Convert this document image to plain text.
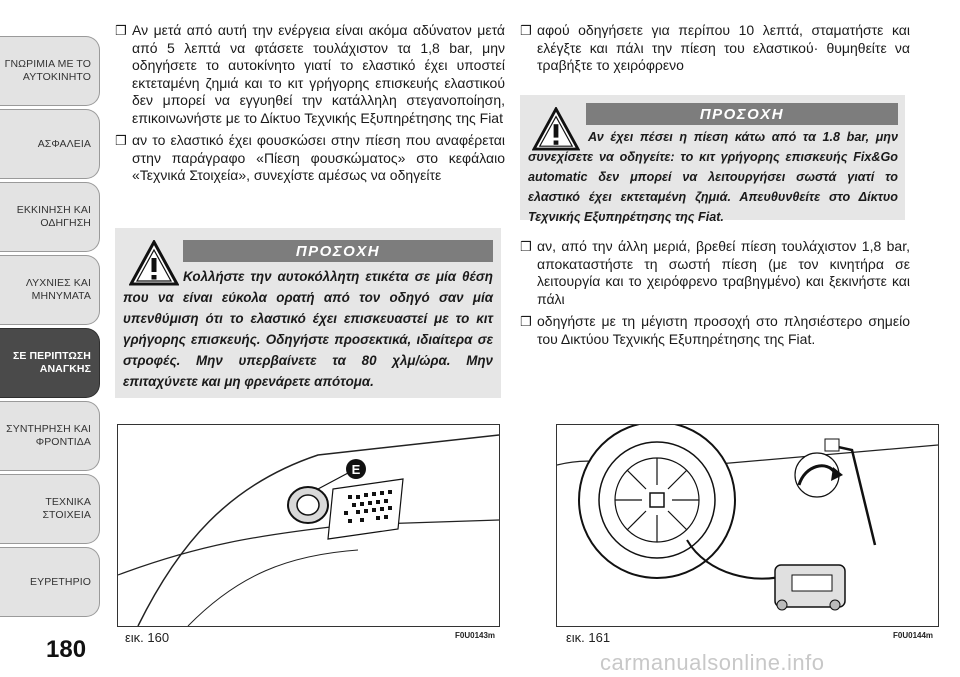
ΓΝΩΡΙΜΙΑ ΜΕ ΤΟ
ΑΥΤΟΚΙΝΗΤΟ
ΑΣΦΑΛΕΙΑ
ΕΚΚΙΝΗΣΗ ΚΑΙ
ΟΔΗΓΗΣΗ
ΛΥΧΝΙΕΣ ΚΑΙ
ΜΗΝΥΜΑΤΑ
ΣΕ ΠΕΡΙΠΤΩΣΗ
ΑΝΑΓΚΗΣ
ΣΥΝΤΗΡΗΣΗ ΚΑΙ
ΦΡΟΝΤΙΔΑ
ΤΕΧΝΙΚΑ ΣΤΟΙΧΕΙΑ
ΕΥΡΕΤΗΡΙΟ
180
❒ Αν μετά από αυτή την ενέργεια είναι ακόμα αδύνατον μετά από 5 λεπτά να φτάσετε τουλάχιστον τα 1,8 bar, μην οδηγήσετε το αυτοκίνητο γιατί το ελαστικό έχει υποστεί εκτεταμένη ζημιά και το κιτ γρήγορης επισκευής ελαστικού δεν μπορεί να εγγυηθεί την κατάλληλη στεγανοποίηση, επικοινωνήστε με το Δίκτυο Τεχνικής Εξυπηρέτησης της Fiat
❒ αν το ελαστικό έχει φουσκώσει στην πίεση που αναφέρεται στην παράγραφο «Πίεση φουσκώματος» στο κεφάλαιο «Τεχνικά Στοιχεία», συνεχίστε αμέσως να οδηγείτε
ΠΡΟΣΟΧΗ
Κολλήστε την αυτοκόλλητη ετικέτα σε μία θέση που να είναι εύκολα ορατή από τον οδηγό σαν μία υπενθύμιση ότι το ελαστικό έχει επισκευαστεί με το κιτ γρήγορης επισκευής. Οδηγήστε προσεκτικά, ιδιαίτερα σε στροφές. Μην υπερβαίνετε τα 80 χλμ/ώρα. Μην επιταχύνετε και μη φρενάρετε απότομα.
❒ αφού οδηγήσετε για περίπου 10 λεπτά, σταματήστε και ελέγξτε και πάλι την πίεση του ελαστικού· θυμηθείτε να τραβήξτε το χειρόφρενο
ΠΡΟΣΟΧΗ
Αν έχει πέσει η πίεση κάτω από τα 1.8 bar, μην συνεχίσετε να οδηγείτε: το κιτ γρήγορης επισκευής Fix&Go automatic δεν μπορεί να λειτουργήσει σωστά γιατί το ελαστικό έχει εκτεταμένη ζημιά. Απευθυνθείτε στο Δίκτυο Τεχνικής Εξυπηρέτησης της Fiat.
❒ αν, από την άλλη μεριά, βρεθεί πίεση τουλάχιστον 1,8 bar, αποκαταστήστε τη σωστή πίεση (με τον κινητήρα σε λειτουργία και το χειρόφρενο τραβηγμένο) και ξεκινήστε και πάλι
❒ οδηγήστε με τη μέγιστη προσοχή στο πλησιέστερο σημείο του Δικτύου Τεχνικής Εξυπηρέτησης της Fiat.
E
εικ. 160	F0U0143m	εικ. 161	F0U0144m
carmanualsonline.info
